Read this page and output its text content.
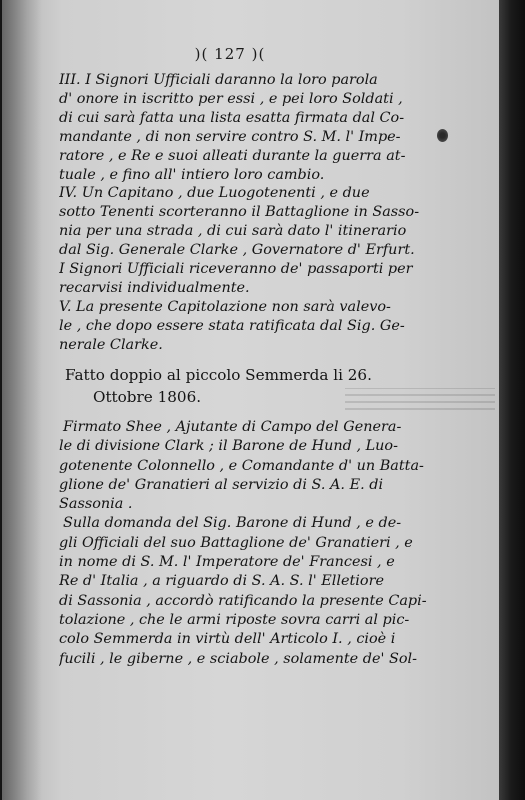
)( 127 )(
III. I Signori Ufficiali daranno la loro parola
d' onore in iscritto per essi , e pei loro Soldati ,
di cui sarà fatta una lista esatta firmata dal Co-
mandante , di non servire contro S. M. l' Impe-
ratore , e Re e suoi alleati durante la guerra at-
tuale , e fino all' intiero loro cambio.
IV. Un Capitano , due Luogotenenti , e due
sotto Tenenti scorteranno il Battaglione in Sasso-
nia per una strada , di cui sarà dato l' itinerario
dal Sig. Generale Clarke , Governatore d' Erfurt.
I Signori Ufficiali riceveranno de' passaporti per
recarvisi individualmente.
V. La presente Capitolazione non sarà valevo-
le , che dopo essere stata ratificata dal Sig. Ge-
nerale Clarke.
Fatto doppio al piccolo Semmerda li 26.
Ottobre 1806.
Firmato Shee , Ajutante di Campo del Genera-
le di divisione Clark ; il Barone de Hund , Luo-
gotenente Colonnello , e Comandante d' un Batta-
glione de' Granatieri al servizio di S. A. E. di
Sassonia .
Sulla domanda del Sig. Barone di Hund , e de-
gli Officiali del suo Battaglione de' Granatieri , e
in nome di S. M. l' Imperatore de' Francesi , e
Re d' Italia , a riguardo di S. A. S. l' Elletiore
di Sassonia , accordò ratificando la presente Capi-
tolazione , che le armi riposte sovra carri al pic-
colo Semmerda in virtù dell' Articolo I. , cioè i
fucili , le giberne , e sciabole , solamente de' Sol-
